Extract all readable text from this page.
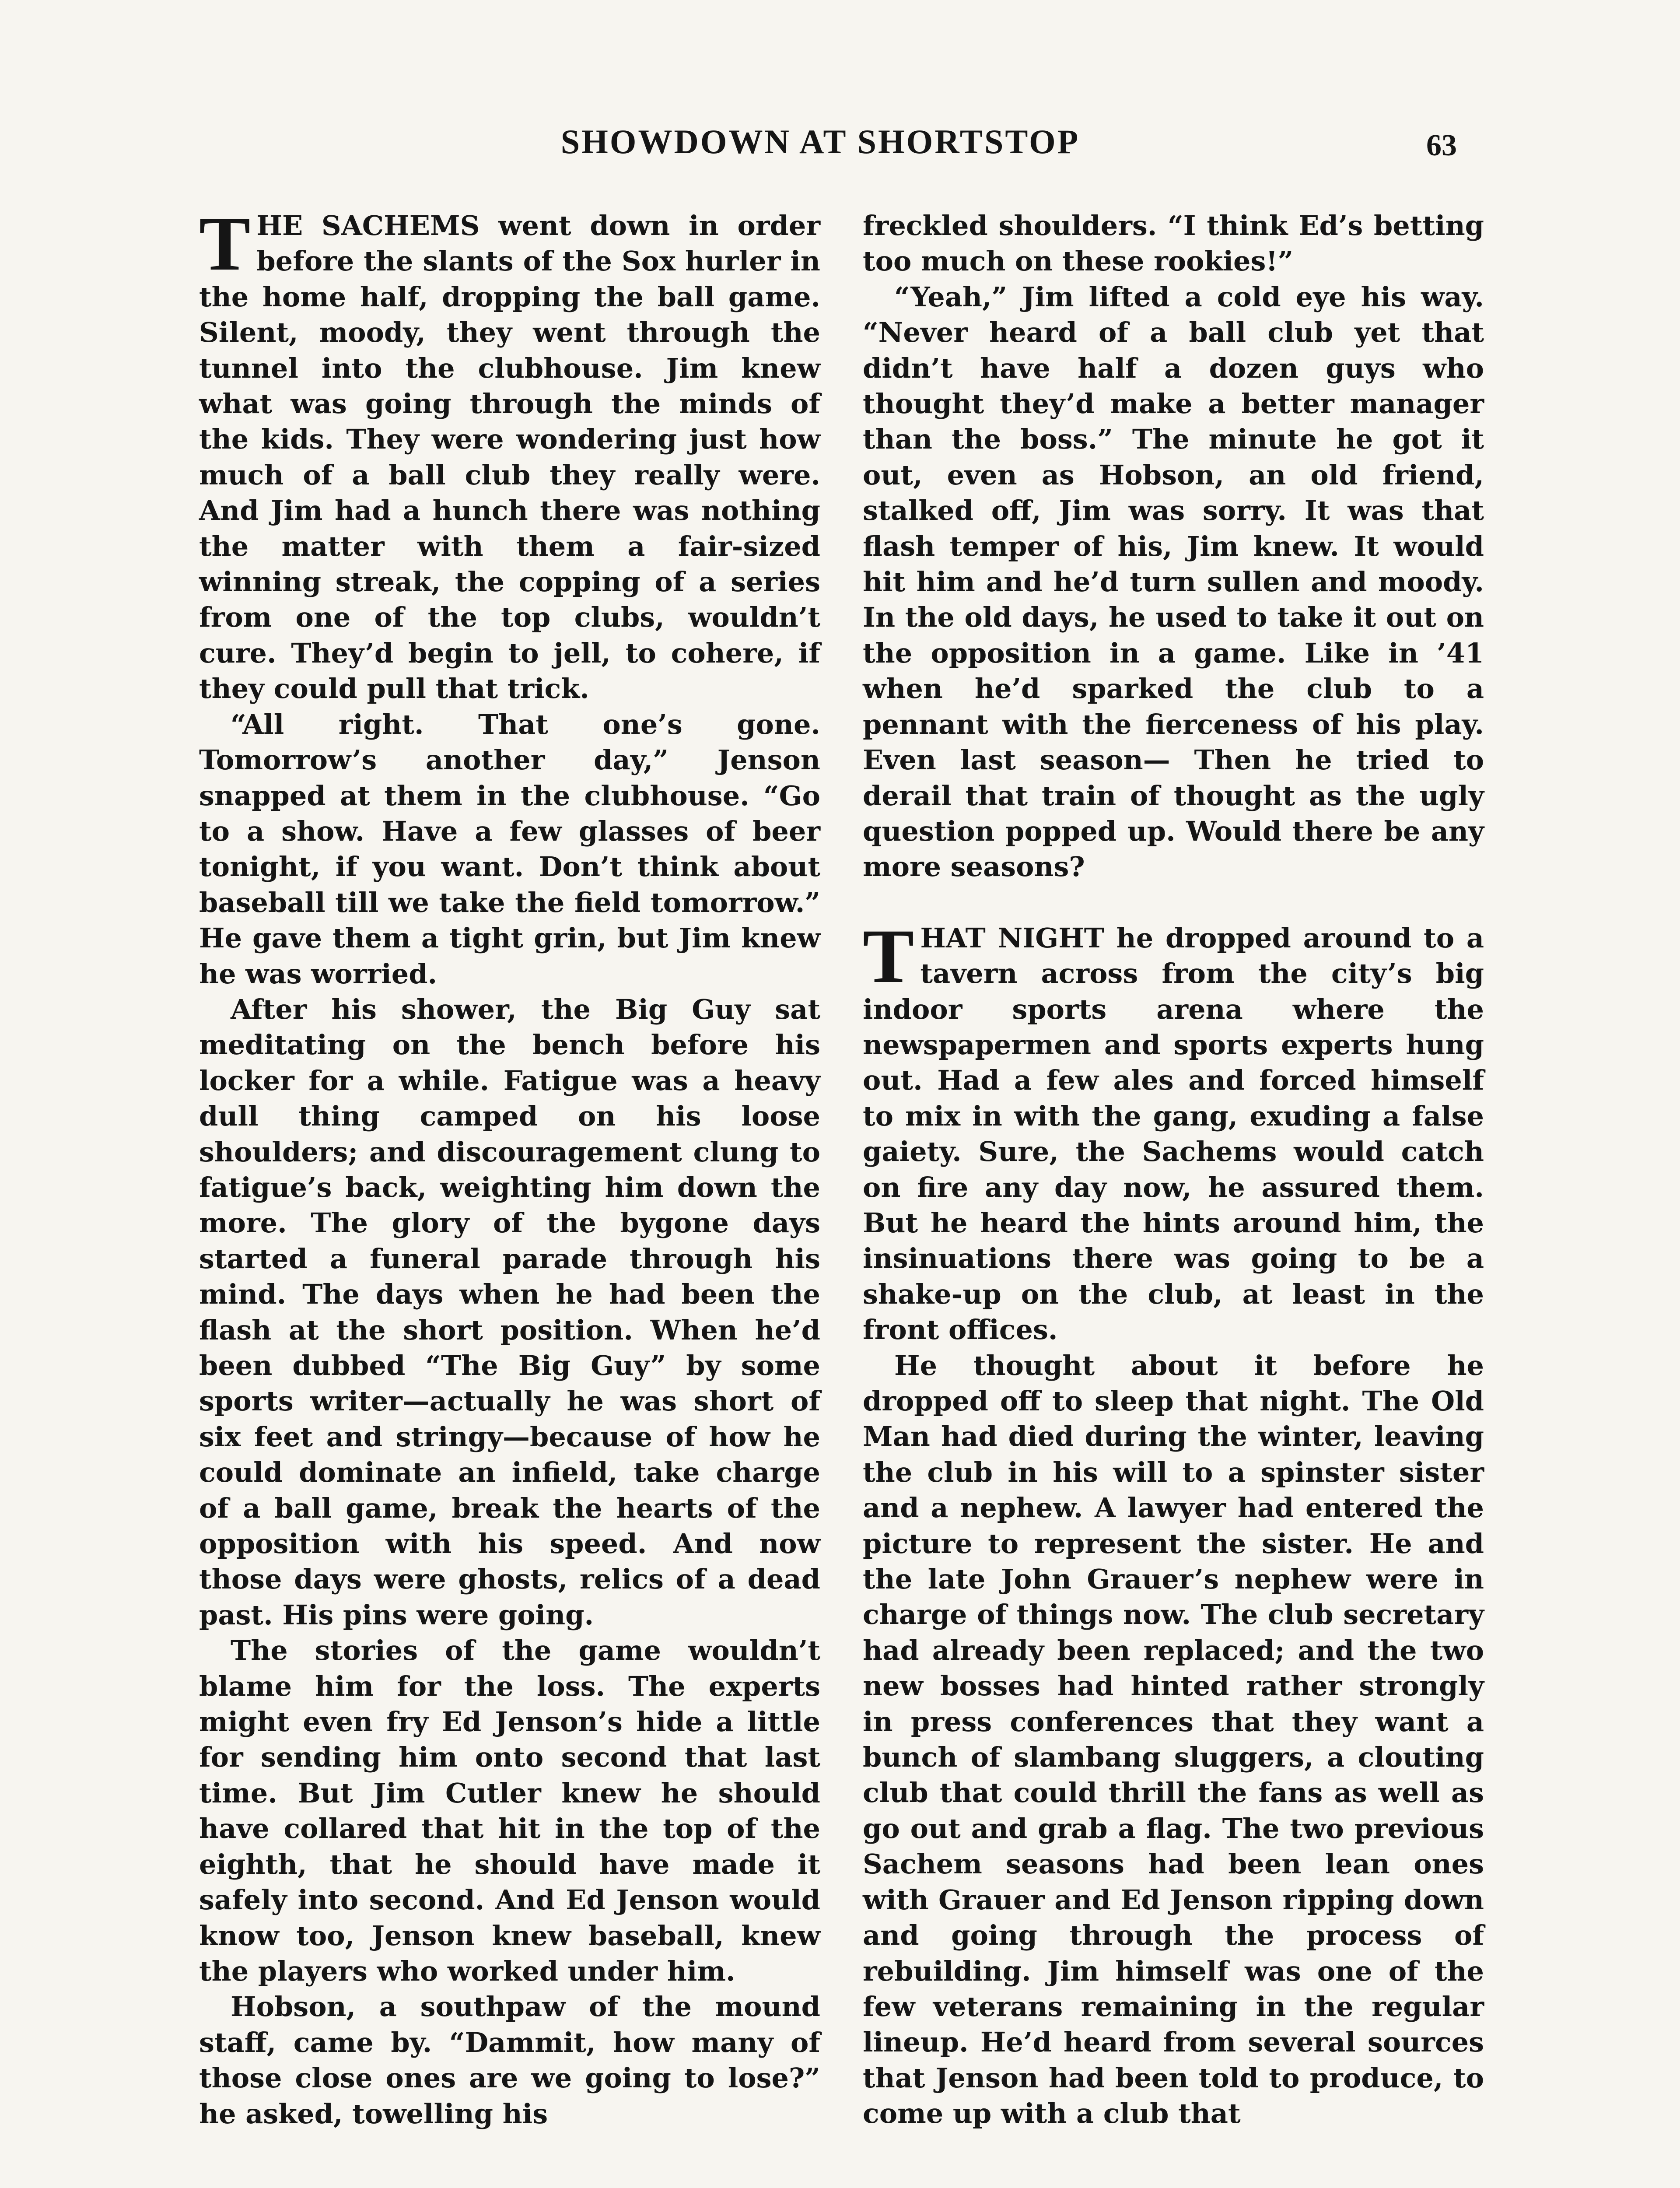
SHOWDOWN AT SHORTSTOP	63

THE SACHEMS went down in order before the slants of the Sox hurler in the home half, dropping the ball game. Silent, moody, they went through the tunnel into the clubhouse. Jim knew what was going through the minds of the kids. They were wondering just how much of a ball club they really were. And Jim had a hunch there was nothing the matter with them a fair-sized winning streak, the copping of a series from one of the top clubs, wouldn’t cure. They’d begin to jell, to cohere, if they could pull that trick.

“All right. That one’s gone. Tomorrow’s another day,” Jenson snapped at them in the clubhouse. “Go to a show. Have a few glasses of beer tonight, if you want. Don’t think about baseball till we take the field tomorrow.” He gave them a tight grin, but Jim knew he was worried.

After his shower, the Big Guy sat meditating on the bench before his locker for a while. Fatigue was a heavy dull thing camped on his loose shoulders; and discouragement clung to fatigue’s back, weighting him down the more. The glory of the bygone days started a funeral parade through his mind. The days when he had been the flash at the short position. When he’d been dubbed “The Big Guy” by some sports writer—actually he was short of six feet and stringy—because of how he could dominate an infield, take charge of a ball game, break the hearts of the opposition with his speed. And now those days were ghosts, relics of a dead past. His pins were going.

The stories of the game wouldn’t blame him for the loss. The experts might even fry Ed Jenson’s hide a little for sending him onto second that last time. But Jim Cutler knew he should have collared that hit in the top of the eighth, that he should have made it safely into second. And Ed Jenson would know too, Jenson knew baseball, knew the players who worked under him.

Hobson, a southpaw of the mound staff, came by. “Dammit, how many of those close ones are we going to lose?” he asked, towelling his

freckled shoulders. “I think Ed’s betting too much on these rookies!”

“Yeah,” Jim lifted a cold eye his way. “Never heard of a ball club yet that didn’t have half a dozen guys who thought they’d make a better manager than the boss.” The minute he got it out, even as Hobson, an old friend, stalked off, Jim was sorry. It was that flash temper of his, Jim knew. It would hit him and he’d turn sullen and moody. In the old days, he used to take it out on the opposition in a game. Like in ’41 when he’d sparked the club to a pennant with the fierceness of his play. Even last season— Then he tried to derail that train of thought as the ugly question popped up. Would there be any more seasons?

THAT NIGHT he dropped around to a tavern across from the city’s big indoor sports arena where the newspapermen and sports experts hung out. Had a few ales and forced himself to mix in with the gang, exuding a false gaiety. Sure, the Sachems would catch on fire any day now, he assured them. But he heard the hints around him, the insinuations there was going to be a shake-up on the club, at least in the front offices.

He thought about it before he dropped off to sleep that night. The Old Man had died during the winter, leaving the club in his will to a spinster sister and a nephew. A lawyer had entered the picture to represent the sister. He and the late John Grauer’s nephew were in charge of things now. The club secretary had already been replaced; and the two new bosses had hinted rather strongly in press conferences that they want a bunch of slambang sluggers, a clouting club that could thrill the fans as well as go out and grab a flag. The two previous Sachem seasons had been lean ones with Grauer and Ed Jenson ripping down and going through the process of rebuilding. Jim himself was one of the few veterans remaining in the regular lineup. He’d heard from several sources that Jenson had been told to produce, to come up with a club that
